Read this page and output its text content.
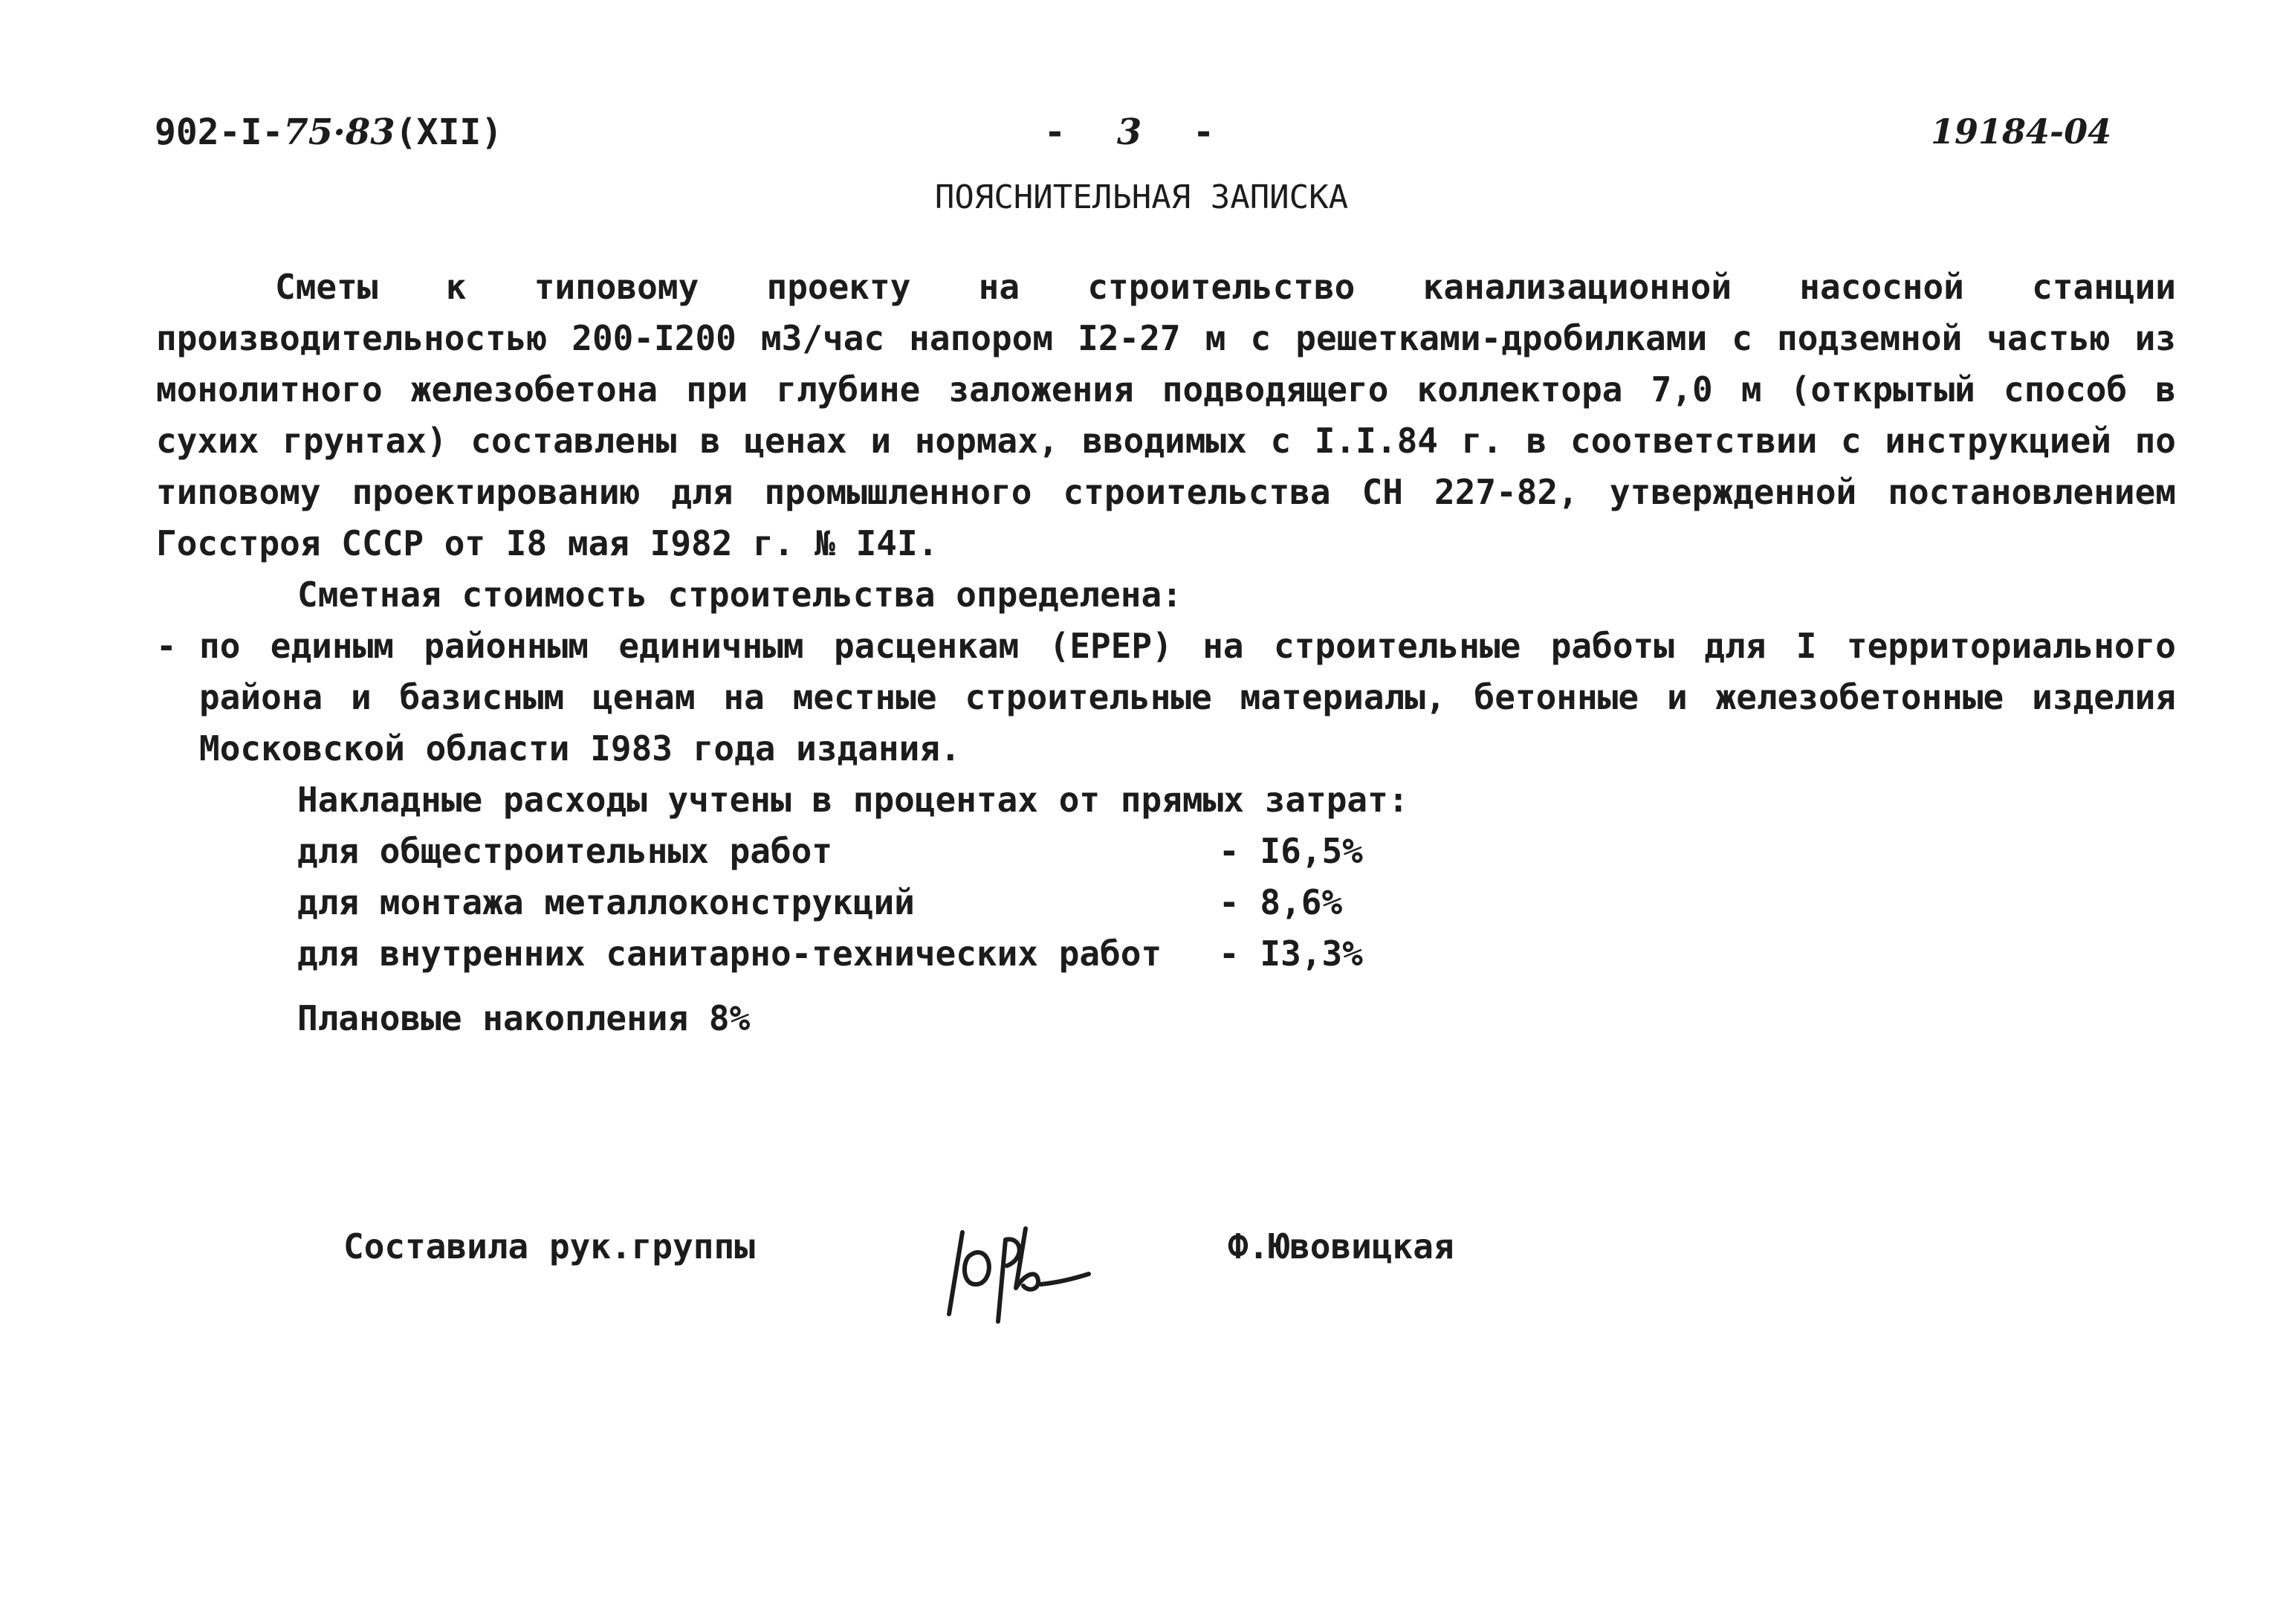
902-I-75·83(XII)	- 3 -	19184-04
ПОЯСНИТЕЛЬНАЯ ЗАПИСКА

Сметы к типовому проекту на строительство канализационной насосной станции производительностью 200-I200 м3/час напором I2-27 м с решетками-дробилками с подземной частью из монолитного железобетона при глубине заложения подводящего коллектора 7,0 м (открытый способ в сухих грунтах) составлены в ценах и нормах, вводимых с I.I.84 г. в соответствии с инструкцией по типовому проектированию для промышленного строительства СН 227-82, утвержденной постановлением Госстроя СССР от I8 мая I982 г. № I4I.

Сметная стоимость строительства определена:

- по единым районным единичным расценкам (ЕРЕР) на строительные работы для I территориального района и базисным ценам на местные строительные материалы, бетонные и железобетонные изделия Московской области I983 года издания.

Накладные расходы учтены в процентах от прямых затрат:

для общестроительных работ	- I6,5%
для монтажа металлоконструкций	- 8,6%
для внутренних санитарно-технических работ	- I3,3%

Плановые накопления 8%

Составила рук.группы	Ф.Ювовицкая
